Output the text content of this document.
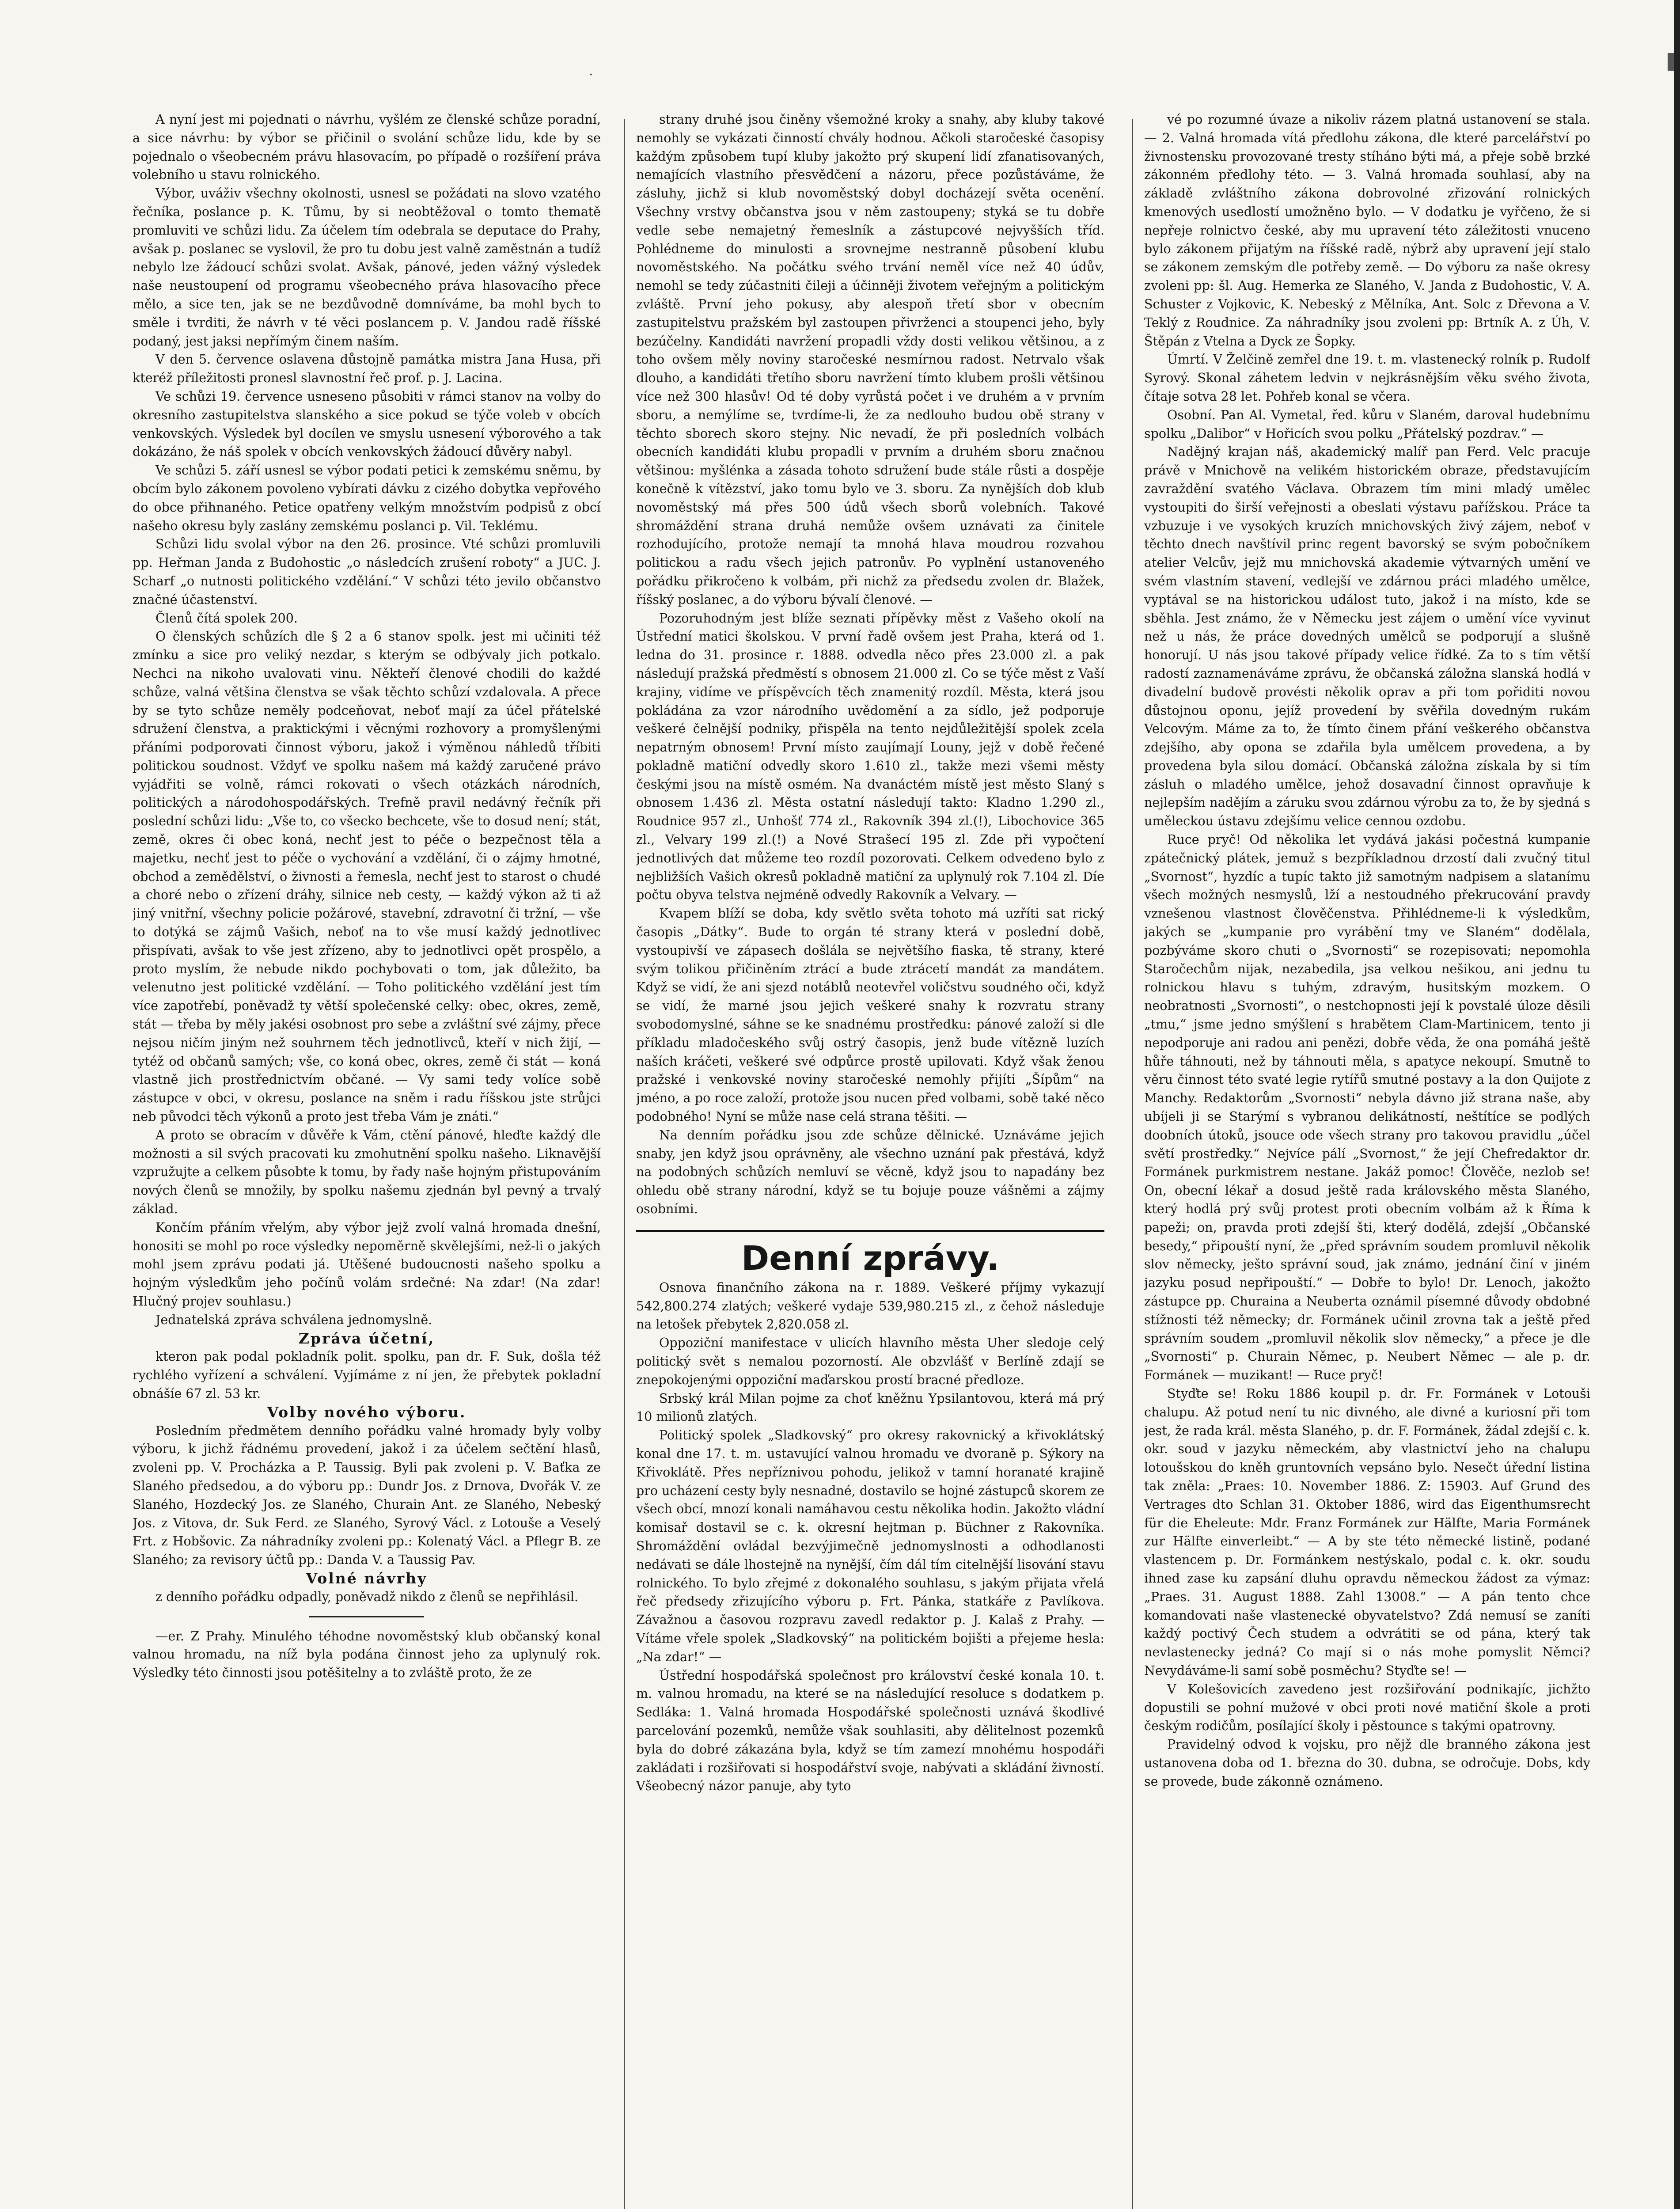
·

A nyní jest mi pojednati o návrhu, vyšlém ze členské schůze poradní, a sice návrhu: by výbor se přičinil o svolání schůze lidu, kde by se pojednalo o všeobecném právu hlasovacím, po případě o rozšíření práva volebního u stavu rolnického.

Výbor, uváživ všechny okolnosti, usnesl se požádati na slovo vzatého řečníka, poslance p. K. Tůmu, by si neobtěžoval o tomto thematě promluviti ve schůzi lidu. Za účelem tím odebrala se deputace do Prahy, avšak p. poslanec se vyslovil, že pro tu dobu jest valně zaměstnán a tudíž nebylo lze žádoucí schůzi svolat. Avšak, pánové, jeden vážný výsledek naše neustoupení od programu všeobecného práva hlasovacího přece mělo, a sice ten, jak se ne bezdůvodně domníváme, ba mohl bych to směle i tvrditi, že návrh v té věci poslancem p. V. Jandou radě říšské podaný, jest jaksi nepřímým činem naším.

V den 5. července oslavena důstojně památka mistra Jana Husa, při kteréž příležitosti pronesl slavnostní řeč prof. p. J. Lacina.

Ve schůzi 19. července usneseno působiti v rámci stanov na volby do okresního zastupitelstva slanského a sice pokud se týče voleb v obcích venkovských. Výsledek byl docílen ve smyslu usnesení výborového a tak dokázáno, že náš spolek v obcích venkovských žádoucí důvěry nabyl.

Ve schůzi 5. září usnesl se výbor podati petici k zemskému sněmu, by obcím bylo zákonem povoleno vybírati dávku z cizého dobytka vepřového do obce přihnaného. Petice opatřeny velkým množstvím podpisů z obcí našeho okresu byly zaslány zemskému poslanci p. Vil. Teklému.

Schůzi lidu svolal výbor na den 26. prosince. Vté schůzi promluvili pp. Heřman Janda z Budohostic „o následcích zrušení roboty“ a JUC. J. Scharf „o nutnosti politického vzdělání.“ V schůzi této jevilo občanstvo značné účastenství.

Členů čítá spolek 200.

O členských schůzích dle § 2 a 6 stanov spolk. jest mi učiniti též zmínku a sice pro veliký nezdar, s kterým se odbývaly jich potkalo. Nechci na nikoho uvalovati vinu. Někteří členové chodili do každé schůze, valná většina členstva se však těchto schůzí vzdalovala. A přece by se tyto schůze neměly podceňovat, neboť mají za účel přátelské sdružení členstva, a praktickými i věcnými rozhovory a promyšlenými přáními podporovati činnost výboru, jakož i výměnou náhledů tříbiti politickou soudnost. Vždyť ve spolku našem má každý zaručené právo vyjádřiti se volně, rámci rokovati o všech otázkách národních, politických a národohospodářských. Trefně pravil nedávný řečník při poslední schůzi lidu: „Vše to, co všecko bechcete, vše to dosud není; stát, země, okres či obec koná, nechť jest to péče o bezpečnost těla a majetku, nechť jest to péče o vychování a vzdělání, či o zájmy hmotné, obchod a zemědělství, o živnosti a řemesla, nechť jest to starost o chudé a choré nebo o zřízení dráhy, silnice neb cesty, — každý výkon až ti až jiný vnitřní, všechny policie požárové, stavební, zdravotní či tržní, — vše to dotýká se zájmů Vašich, neboť na to vše musí každý jednotlivec přispívati, avšak to vše jest zřízeno, aby to jednotlivci opět prospělo, a proto myslím, že nebude nikdo pochybovati o tom, jak důležito, ba velenutno jest politické vzdělání. — Toho politického vzdělání jest tím více zapotřebí, poněvadž ty větší společenské celky: obec, okres, země, stát — třeba by měly jakési osobnost pro sebe a zvláštní své zájmy, přece nejsou ničím jiným než souhrnem těch jednotlivců, kteří v nich žijí, — tytéž od občanů samých; vše, co koná obec, okres, země či stát — koná vlastně jich prostřednictvím občané. — Vy sami tedy volíce sobě zástupce v obci, v okresu, poslance na sněm i radu říšskou jste strůjci neb původci těch výkonů a proto jest třeba Vám je znáti.“

A proto se obracím v důvěře k Vám, ctění pánové, hleďte každý dle možnosti a sil svých pracovati ku zmohutnění spolku našeho. Liknavější vzpružujte a celkem působte k tomu, by řady naše hojným přistupováním nových členů se množily, by spolku našemu zjednán byl pevný a trvalý základ.

Končím přáním vřelým, aby výbor jejž zvolí valná hromada dnešní, honositi se mohl po roce výsledky nepoměrně skvělejšími, než-li o jakých mohl jsem zprávu podati já. Utěšené budoucnosti našeho spolku a hojným výsledkům jeho počínů volám srdečné: Na zdar! (Na zdar! Hlučný projev souhlasu.)

Jednatelská zpráva schválena jednomyslně.

Zpráva účetní,

kteron pak podal pokladník polit. spolku, pan dr. F. Suk, došla též rychlého vyřízení a schválení. Vyjímáme z ní jen, že přebytek pokladní obnášíe 67 zl. 53 kr.

Volby nového výboru.

Posledním předmětem denního pořádku valné hromady byly volby výboru, k jichž řádnému provedení, jakož i za účelem sečtění hlasů, zvoleni pp. V. Procházka a P. Taussig. Byli pak zvoleni p. V. Baťka ze Slaného předsedou, a do výboru pp.: Dundr Jos. z Drnova, Dvořák V. ze Slaného, Hozdecký Jos. ze Slaného, Churain Ant. ze Slaného, Nebeský Jos. z Vitova, dr. Suk Ferd. ze Slaného, Syrový Václ. z Lotouše a Veselý Frt. z Hobšovic. Za náhradníky zvoleni pp.: Kolenatý Václ. a Pflegr B. ze Slaného; za revisory účtů pp.: Danda V. a Taussig Pav.

Volné návrhy

z denního pořádku odpadly, poněvadž nikdo z členů se nepřihlásil.

—er. Z Prahy. Minulého téhodne novoměstský klub občanský konal valnou hromadu, na níž byla podána činnost jeho za uplynulý rok. Výsledky této činnosti jsou potěšitelny a to zvláště proto, že ze

strany druhé jsou činěny všemožné kroky a snahy, aby kluby takové nemohly se vykázati činností chvály hodnou. Ačkoli staročeské časopisy každým způsobem tupí kluby jakožto prý skupení lidí zfanatisovaných, nemajících vlastního přesvědčení a názoru, přece pozůstáváme, že zásluhy, jichž si klub novoměstský dobyl docházejí světa ocenění. Všechny vrstvy občanstva jsou v něm zastoupeny; styká se tu dobře vedle sebe nemajetný řemeslník a zástupcové nejvyšších tříd. Pohlédneme do minulosti a srovnejme nestranně působení klubu novoměstského. Na počátku svého trvání neměl více než 40 údův, nemohl se tedy zúčastniti čileji a účinněji životem veřejným a politickým zvláště. První jeho pokusy, aby alespoň třetí sbor v obecním zastupitelstvu pražském byl zastoupen přivrženci a stoupenci jeho, byly bezúčelny. Kandidáti navržení propadli vždy dosti velikou většinou, a z toho ovšem měly noviny staročeské nesmírnou radost. Netrvalo však dlouho, a kandidáti třetího sboru navržení tímto klubem prošli většinou více než 300 hlasův! Od té doby vyrůstá počet i ve druhém a v prvním sboru, a nemýlíme se, tvrdíme-li, že za nedlouho budou obě strany v těchto sborech skoro stejny. Nic nevadí, že při posledních volbách obecních kandidáti klubu propadli v prvním a druhém sboru značnou většinou: myšlénka a zásada tohoto sdružení bude stále růsti a dospěje konečně k vítězství, jako tomu bylo ve 3. sboru. Za nynějších dob klub novoměstský má přes 500 údů všech sborů volebních. Takové shromáždění strana druhá nemůže ovšem uznávati za činitele rozhodujícího, protože nemají ta mnohá hlava moudrou rozvahou politickou a radu všech jejich patronův. Po vyplnění ustanoveného pořádku přikročeno k volbám, při nichž za předsedu zvolen dr. Blažek, říšský poslanec, a do výboru bývalí členové. —

Pozoruhodným jest blíže seznati přípěvky měst z Vašeho okolí na Ústřední matici školskou. V první řadě ovšem jest Praha, která od 1. ledna do 31. prosince r. 1888. odvedla něco přes 23.000 zl. a pak následují pražská předměstí s obnosem 21.000 zl. Co se týče měst z Vaší krajiny, vidíme ve příspěvcích těch znamenitý rozdíl. Města, která jsou pokládána za vzor národního uvědomění a za sídlo, jež podporuje veškeré čelnější podniky, přispěla na tento nejdůležitější spolek zcela nepatrným obnosem! První místo zaujímají Louny, jejž v době řečené pokladně matiční odvedly skoro 1.610 zl., takže mezi všemi městy českými jsou na místě osmém. Na dvanáctém místě jest město Slaný s obnosem 1.436 zl. Města ostatní následují takto: Kladno 1.290 zl., Roudnice 957 zl., Unhošť 774 zl., Rakovník 394 zl.(!), Libochovice 365 zl., Velvary 199 zl.(!) a Nové Strašecí 195 zl. Zde při vypočtení jednotlivých dat můžeme teo rozdíl pozorovati. Celkem odvedeno bylo z nejbližších Vašich okresů pokladně matiční za uplynulý rok 7.104 zl. Díe počtu obyva telstva nejméně odvedly Rakovník a Velvary. —

Kvapem blíží se doba, kdy světlo světa tohoto má uzříti sat rický časopis „Dátky“. Bude to orgán té strany která v poslední době, vystoupivší ve zápasech došlála se největšího fiaska, tě strany, které svým tolikou přičiněním ztrácí a bude ztrácetí mandát za mandátem. Když se vidí, že ani sjezd notáblů neotevřel voličstvu soudného oči, když se vidí, že marné jsou jejich veškeré snahy k rozvratu strany svobodomyslné, sáhne se ke snadnému prostředku: pánové založí si dle příkladu mladočeského svůj ostrý časopis, jenž bude vítězně luzích naších kráčeti, veškeré své odpůrce prostě upilovati. Když však ženou pražské i venkovské noviny staročeské nemohly přijíti „Šípům“ na jméno, a po roce založí, protože jsou nucen před volbami, sobě také něco podobného! Nyní se může nase celá strana těšiti. —

Na denním pořádku jsou zde schůze dělnické. Uznáváme jejich snaby, jen když jsou oprávněny, ale všechno uznání pak přestává, když na podobných schůzích nemluví se věcně, když jsou to napadány bez ohledu obě strany národní, když se tu bojuje pouze vášněmi a zájmy osobními.

Denní zprávy.

Osnova finančního zákona na r. 1889. Veškeré příjmy vykazují 542,800.274 zlatých; veškeré vydaje 539,980.215 zl., z čehož následuje na letošek přebytek 2,820.058 zl.

Oppoziční manifestace v ulicích hlavního města Uher sledoje celý politický svět s nemalou pozorností. Ale obzvlášť v Berlíně zdají se znepokojenými oppoziční maďarskou prostí bracné předloze.

Srbský král Milan pojme za choť kněžnu Ypsilantovou, která má prý 10 milionů zlatých.

Politický spolek „Sladkovský“ pro okresy rakovnický a křivoklátský konal dne 17. t. m. ustavující valnou hromadu ve dvoraně p. Sýkory na Křivoklátě. Přes nepříznivou pohodu, jelikož v tamní horanaté krajině pro ucházení cesty byly nesnadné, dostavilo se hojné zástupců skorem ze všech obcí, mnozí konali namáhavou cestu několika hodin. Jakožto vládní komisař dostavil se c. k. okresní hejtman p. Büchner z Rakovníka. Shromáždění ovládal bezvýjimečně jednomyslnosti a odhodlanosti nedávati se dále lhostejně na nynější, čím dál tím citelnější lisování stavu rolnického. To bylo zřejmé z dokonalého souhlasu, s jakým přijata vřelá řeč předsedy zřizujícího výboru p. Frt. Pánka, statkáře z Pavlíkova. Závažnou a časovou rozpravu zavedl redaktor p. J. Kalaš z Prahy. — Vítáme vřele spolek „Sladkovský“ na politickém bojišti a přejeme hesla: „Na zdar!“ —

Ústřední hospodářská společnost pro království české konala 10. t. m. valnou hromadu, na které se na následující resoluce s dodatkem p. Sedláka: 1. Valná hromada Hospodářské společnosti uznává škodlivé parcelování pozemků, nemůže však souhlasiti, aby dělitelnost pozemků byla do dobré zákazána byla, když se tím zamezí mnohému hospodáři zakládati i rozšiřovati si hospodářství svoje, nabývati a skládání živností. Všeobecný názor panuje, aby tyto

vé po rozumné úvaze a nikoliv rázem platná ustanovení se stala. — 2. Valná hromada vítá předlohu zákona, dle které parcelářství po živnostensku provozované tresty stíháno býti má, a přeje sobě brzké zákonném předlohy této. — 3. Valná hromada souhlasí, aby na základě zvláštního zákona dobrovolné zřizování rolnických kmenových usedlostí umožněno bylo. — V dodatku je vyřčeno, že si nepřeje rolnictvo české, aby mu upravení této záležitosti vnuceno bylo zákonem přijatým na říšské radě, nýbrž aby upravení její stalo se zákonem zemským dle potřeby země. — Do výboru za naše okresy zvoleni pp: šl. Aug. Hemerka ze Slaného, V. Janda z Budohostic, V. A. Schuster z Vojkovic, K. Nebeský z Mělníka, Ant. Solc z Dřevona a V. Teklý z Roudnice. Za náhradníky jsou zvoleni pp: Brtník A. z Úh, V. Štěpán z Vtelna a Dyck ze Šopky.

Úmrtí. V Želčině zemřel dne 19. t. m. vlastenecký rolník p. Rudolf Syrový. Skonal záhetem ledvin v nejkrásnějším věku svého života, čítaje sotva 28 let. Pohřeb konal se včera.

Osobní. Pan Al. Vymetal, řed. kůru v Slaném, daroval hudebnímu spolku „Dalibor“ v Hořicích svou polku „Přátelský pozdrav.“ —

Nadějný krajan náš, akademický malíř pan Ferd. Velc pracuje právě v Mnichově na velikém historickém obraze, představujícím zavraždění svatého Václava. Obrazem tím mini mladý umělec vystoupiti do širší veřejnosti a obeslati výstavu pařížskou. Práce ta vzbuzuje i ve vysokých kruzích mnichovských živý zájem, neboť v těchto dnech navštívil princ regent bavorský se svým pobočníkem atelier Velcův, jejž mu mnichovská akademie výtvarných umění ve svém vlastním stavení, vedlejší ve zdárnou práci mladého umělce, vyptával se na historickou událost tuto, jakož i na místo, kde se sběhla. Jest známo, že v Německu jest zájem o umění více vyvinut než u nás, že práce dovedných umělců se podporují a slušně honorují. U nás jsou takové případy velice řídké. Za to s tím větší radostí zaznamenáváme zprávu, že občanská záložna slanská hodlá v divadelní budově provésti několik oprav a při tom pořiditi novou důstojnou oponu, jejíž provedení by svěřila dovedným rukám Velcovým. Máme za to, že tímto činem přání veškerého občanstva zdejšího, aby opona se zdařila byla umělcem provedena, a by provedena byla silou domácí. Občanská záložna získala by si tím zásluh o mladého umělce, jehož dosavadní činnost opravňuje k nejlepším nadějím a záruku svou zdárnou výrobu za to, že by sjedná s uměleckou ústavu zdejšímu velice cennou ozdobu.

Ruce pryč! Od několika let vydává jakási počestná kumpanie zpátečnický plátek, jemuž s bezpříkladnou drzostí dali zvučný titul „Svornost“, hyzdíc a tupíc takto již samotným nadpisem a slatanímu všech možných nesmyslů, lží a nestoudného překrucování pravdy vznešenou vlastnost člověčenstva. Přihlédneme-li k výsledkům, jakých se „kumpanie pro vyrábění tmy ve Slaném“ dodělala, pozbýváme skoro chuti o „Svornosti“ se rozepisovati; nepomohla Staročechům nijak, nezabedila, jsa velkou nešikou, ani jednu tu rolnickou hlavu s tuhým, zdravým, husitským mozkem. O neobratnosti „Svornosti“, o nestchopnosti její k povstalé úloze děsili „tmu,“ jsme jedno smýšlení s hrabětem Clam-Martinicem, tento ji nepodporuje ani radou ani penězi, dobře věda, že ona pomáhá ještě hůře táhnouti, než by táhnouti měla, s apatyce nekoupí. Smutně to věru činnost této svaté legie rytířů smutné postavy a la don Quijote z Manchy. Redaktorům „Svornosti“ nebyla dávno již strana naše, aby ubíjeli ji se Starýmí s vybranou delikátností, neštítíce se podlých doobních útoků, jsouce ode všech strany pro takovou pravidlu „účel světí prostředky.“ Nejvíce pálí „Svornost,“ že její Chefredaktor dr. Formánek purkmistrem nestane. Jakáž pomoc! Člověče, nezlob se! On, obecní lékař a dosud ještě rada královského města Slaného, který hodlá prý svůj protest proti obecním volbám až k Říma k papeži; on, pravda proti zdejší šti, který dodělá, zdejší „Občanské besedy,“ připouští nyní, že „před správním soudem promluvil několik slov německy, ješto správní soud, jak známo, jednání činí v jiném jazyku posud nepřipouští.“ — Dobře to bylo! Dr. Lenoch, jakožto zástupce pp. Churaina a Neuberta oznámil písemné důvody obdobné stížnosti též německy; dr. Formánek učinil zrovna tak a ještě před správním soudem „promluvil několik slov německy,“ a přece je dle „Svornosti“ p. Churain Němec, p. Neubert Němec — ale p. dr. Formánek — muzikant! — Ruce pryč!

Styďte se! Roku 1886 koupil p. dr. Fr. Formánek v Lotouši chalupu. Až potud není tu nic divného, ale divné a kuriosní při tom jest, že rada král. města Slaného, p. dr. F. Formánek, žádal zdejší c. k. okr. soud v jazyku německém, aby vlastnictví jeho na chalupu lotoušskou do kněh gruntovních vepsáno bylo. Nesečt úřední listina tak zněla: „Praes: 10. November 1886. Z: 15903. Auf Grund des Vertrages dto Schlan 31. Oktober 1886, wird das Eigenthumsrecht für die Eheleute: Mdr. Franz Formánek zur Hälfte, Maria Formánek zur Hälfte einverleibt.“ — A by ste této německé listině, podané vlastencem p. Dr. Formánkem nestýskalo, podal c. k. okr. soudu ihned zase ku zapsání dluhu opravdu německou žádost za výmaz: „Praes. 31. August 1888. Zahl 13008.“ — A pán tento chce komandovati naše vlastenecké obyvatelstvo? Zdá nemusí se zaníti každý poctivý Čech studem a odvrátiti se od pána, který tak nevlastenecky jedná? Co mají si o nás mohe pomyslit Němci? Nevydáváme-li samí sobě posměchu? Styďte se! —

V Kolešovicích zavedeno jest rozšiřování podnikajíc, jichžto dopustili se pohní mužové v obci proti nové matiční škole a proti českým rodičům, posílající školy i pěstounce s takými opatrovny.

Pravidelný odvod k vojsku, pro nějž dle branného zákona jest ustanovena doba od 1. března do 30. dubna, se odročuje. Dobs, kdy se provede, bude zákonně oznámeno.
